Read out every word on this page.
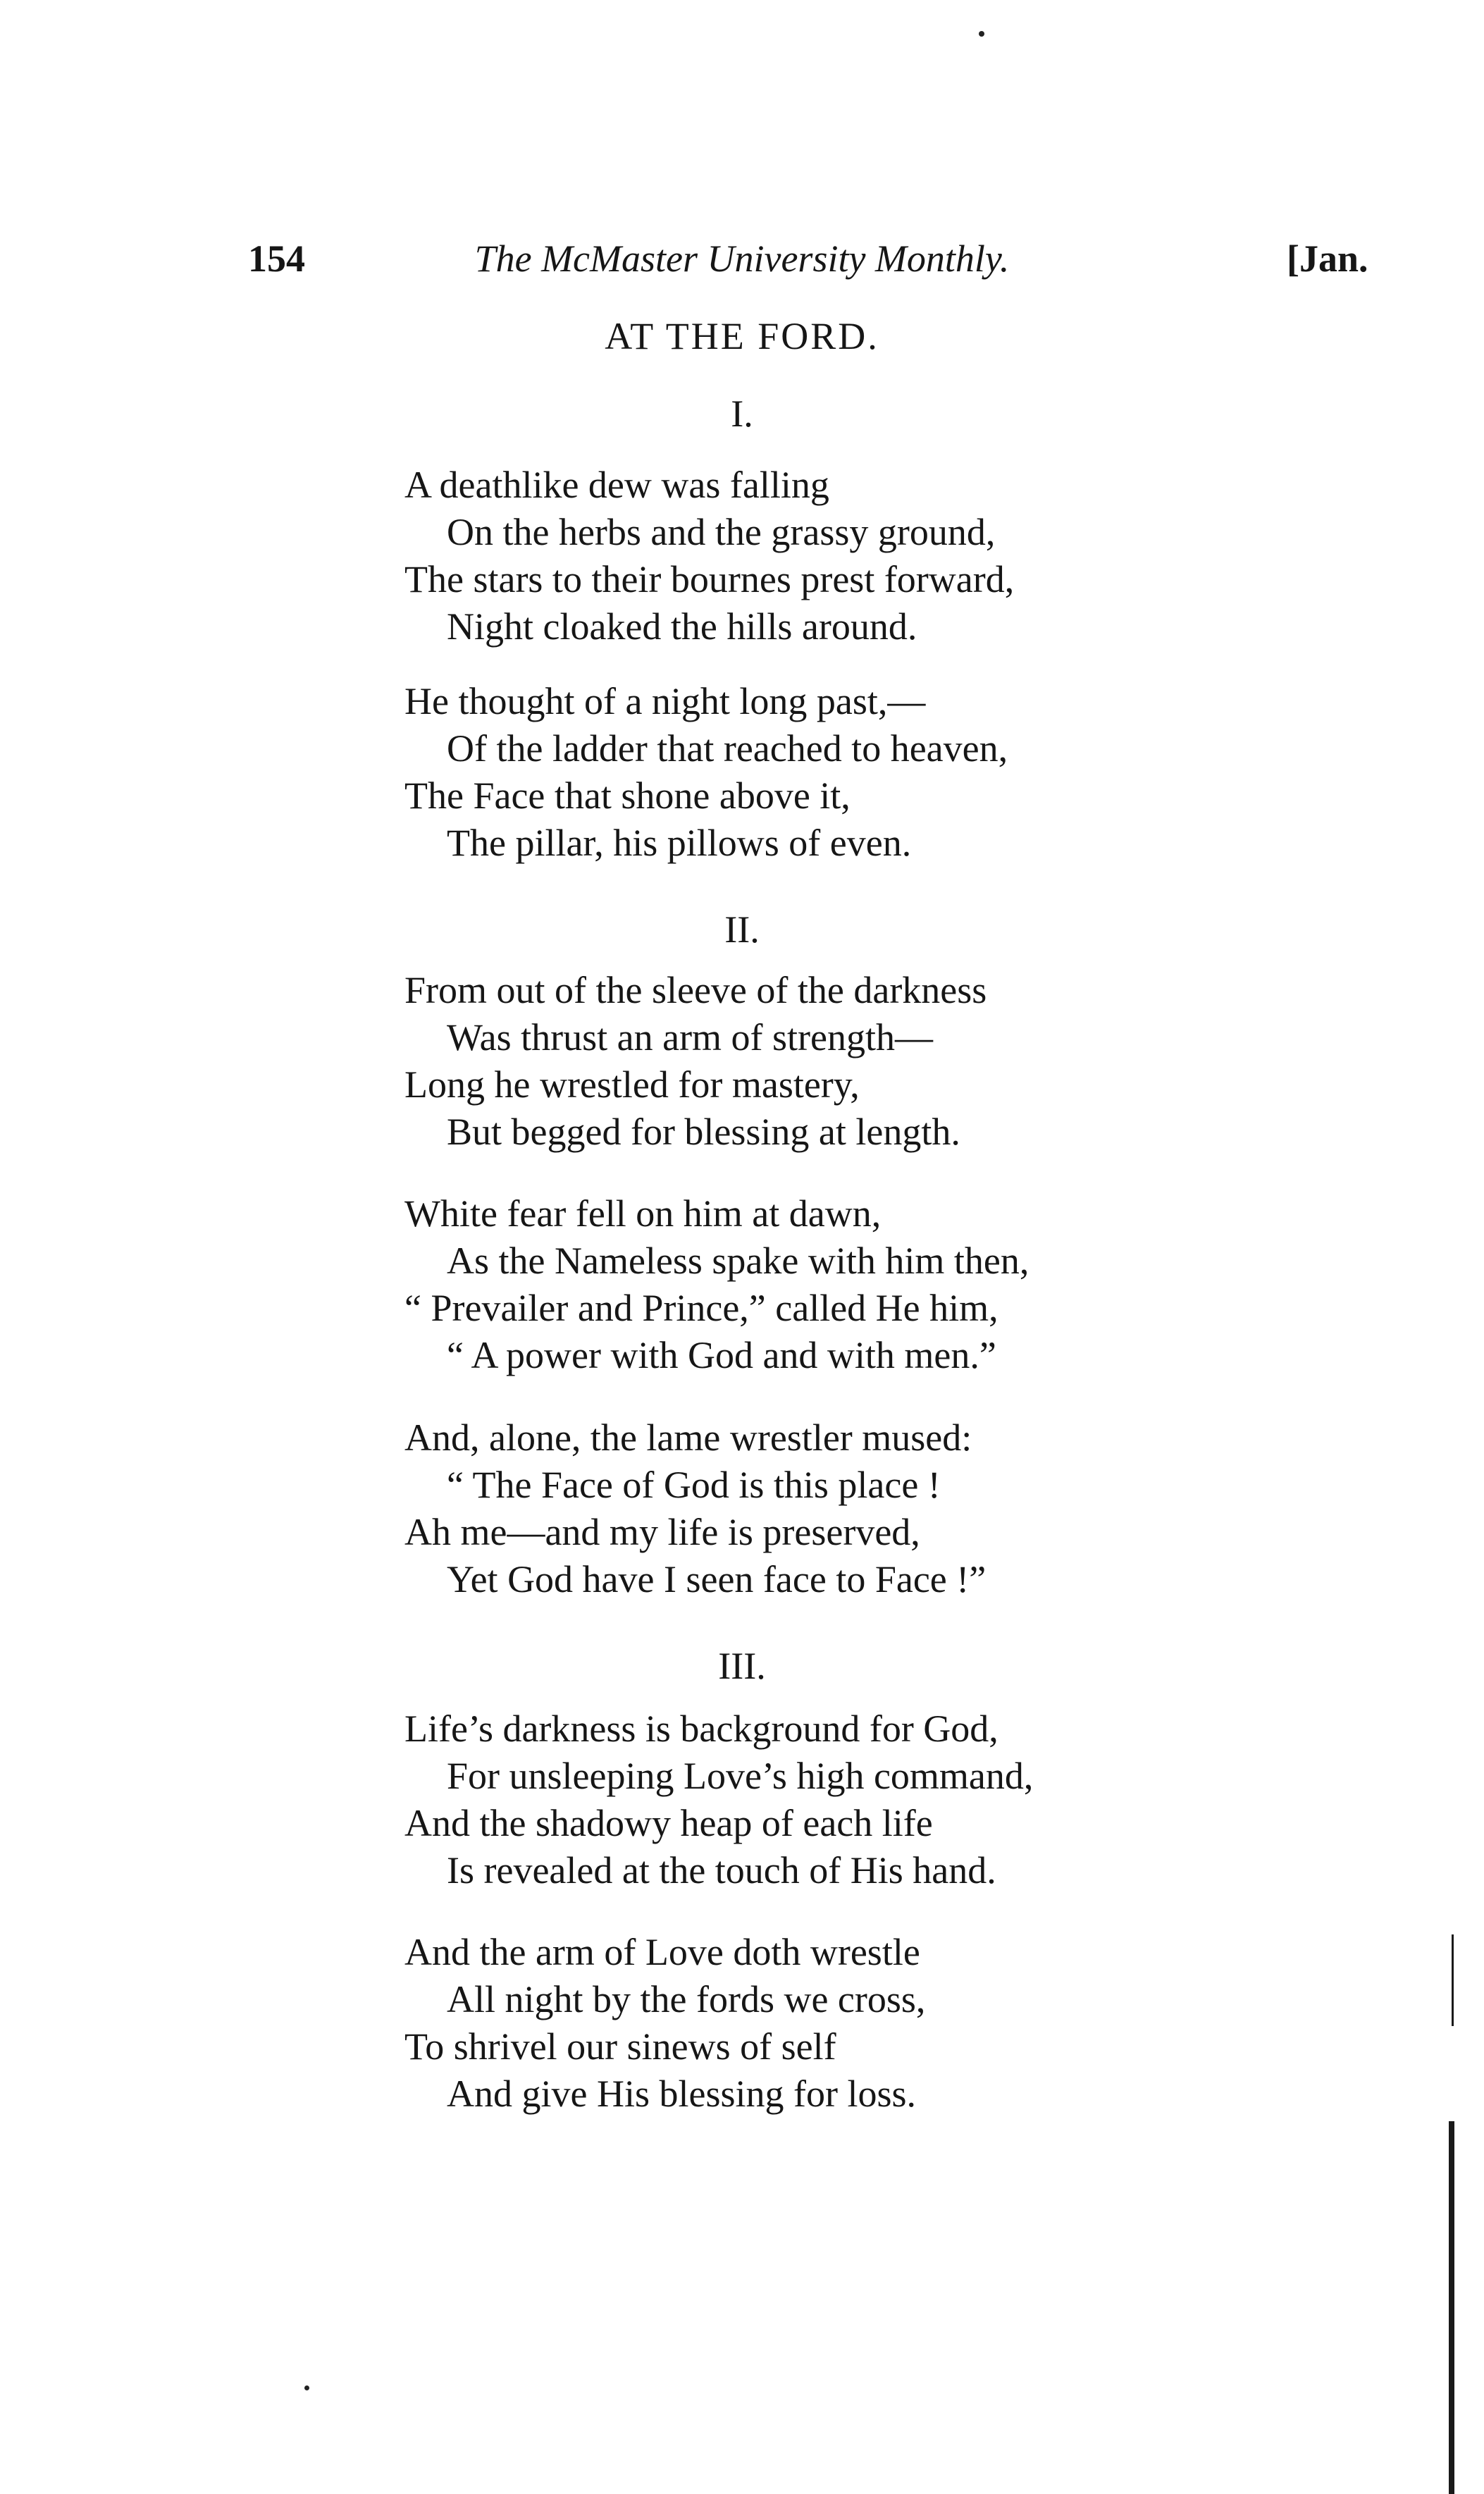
154	The McMaster University Monthly.	[Jan.
AT THE FORD.
I.
A deathlike dew was falling
On the herbs and the grassy ground,
The stars to their bournes prest forward,
Night cloaked the hills around.
He thought of a night long past,—
Of the ladder that reached to heaven,
The Face that shone above it,
The pillar, his pillows of even.
II.
From out of the sleeve of the darkness
Was thrust an arm of strength—
Long he wrestled for mastery,
But begged for blessing at length.
White fear fell on him at dawn,
As the Nameless spake with him then,
“ Prevailer and Prince,” called He him,
“ A power with God and with men.”
And, alone, the lame wrestler mused:
“ The Face of God is this place !
Ah me—and my life is preserved,
Yet God have I seen face to Face !”
III.
Life’s darkness is background for God,
For unsleeping Love’s high command,
And the shadowy heap of each life
Is revealed at the touch of His hand.
And the arm of Love doth wrestle
All night by the fords we cross,
To shrivel our sinews of self
And give His blessing for loss.
